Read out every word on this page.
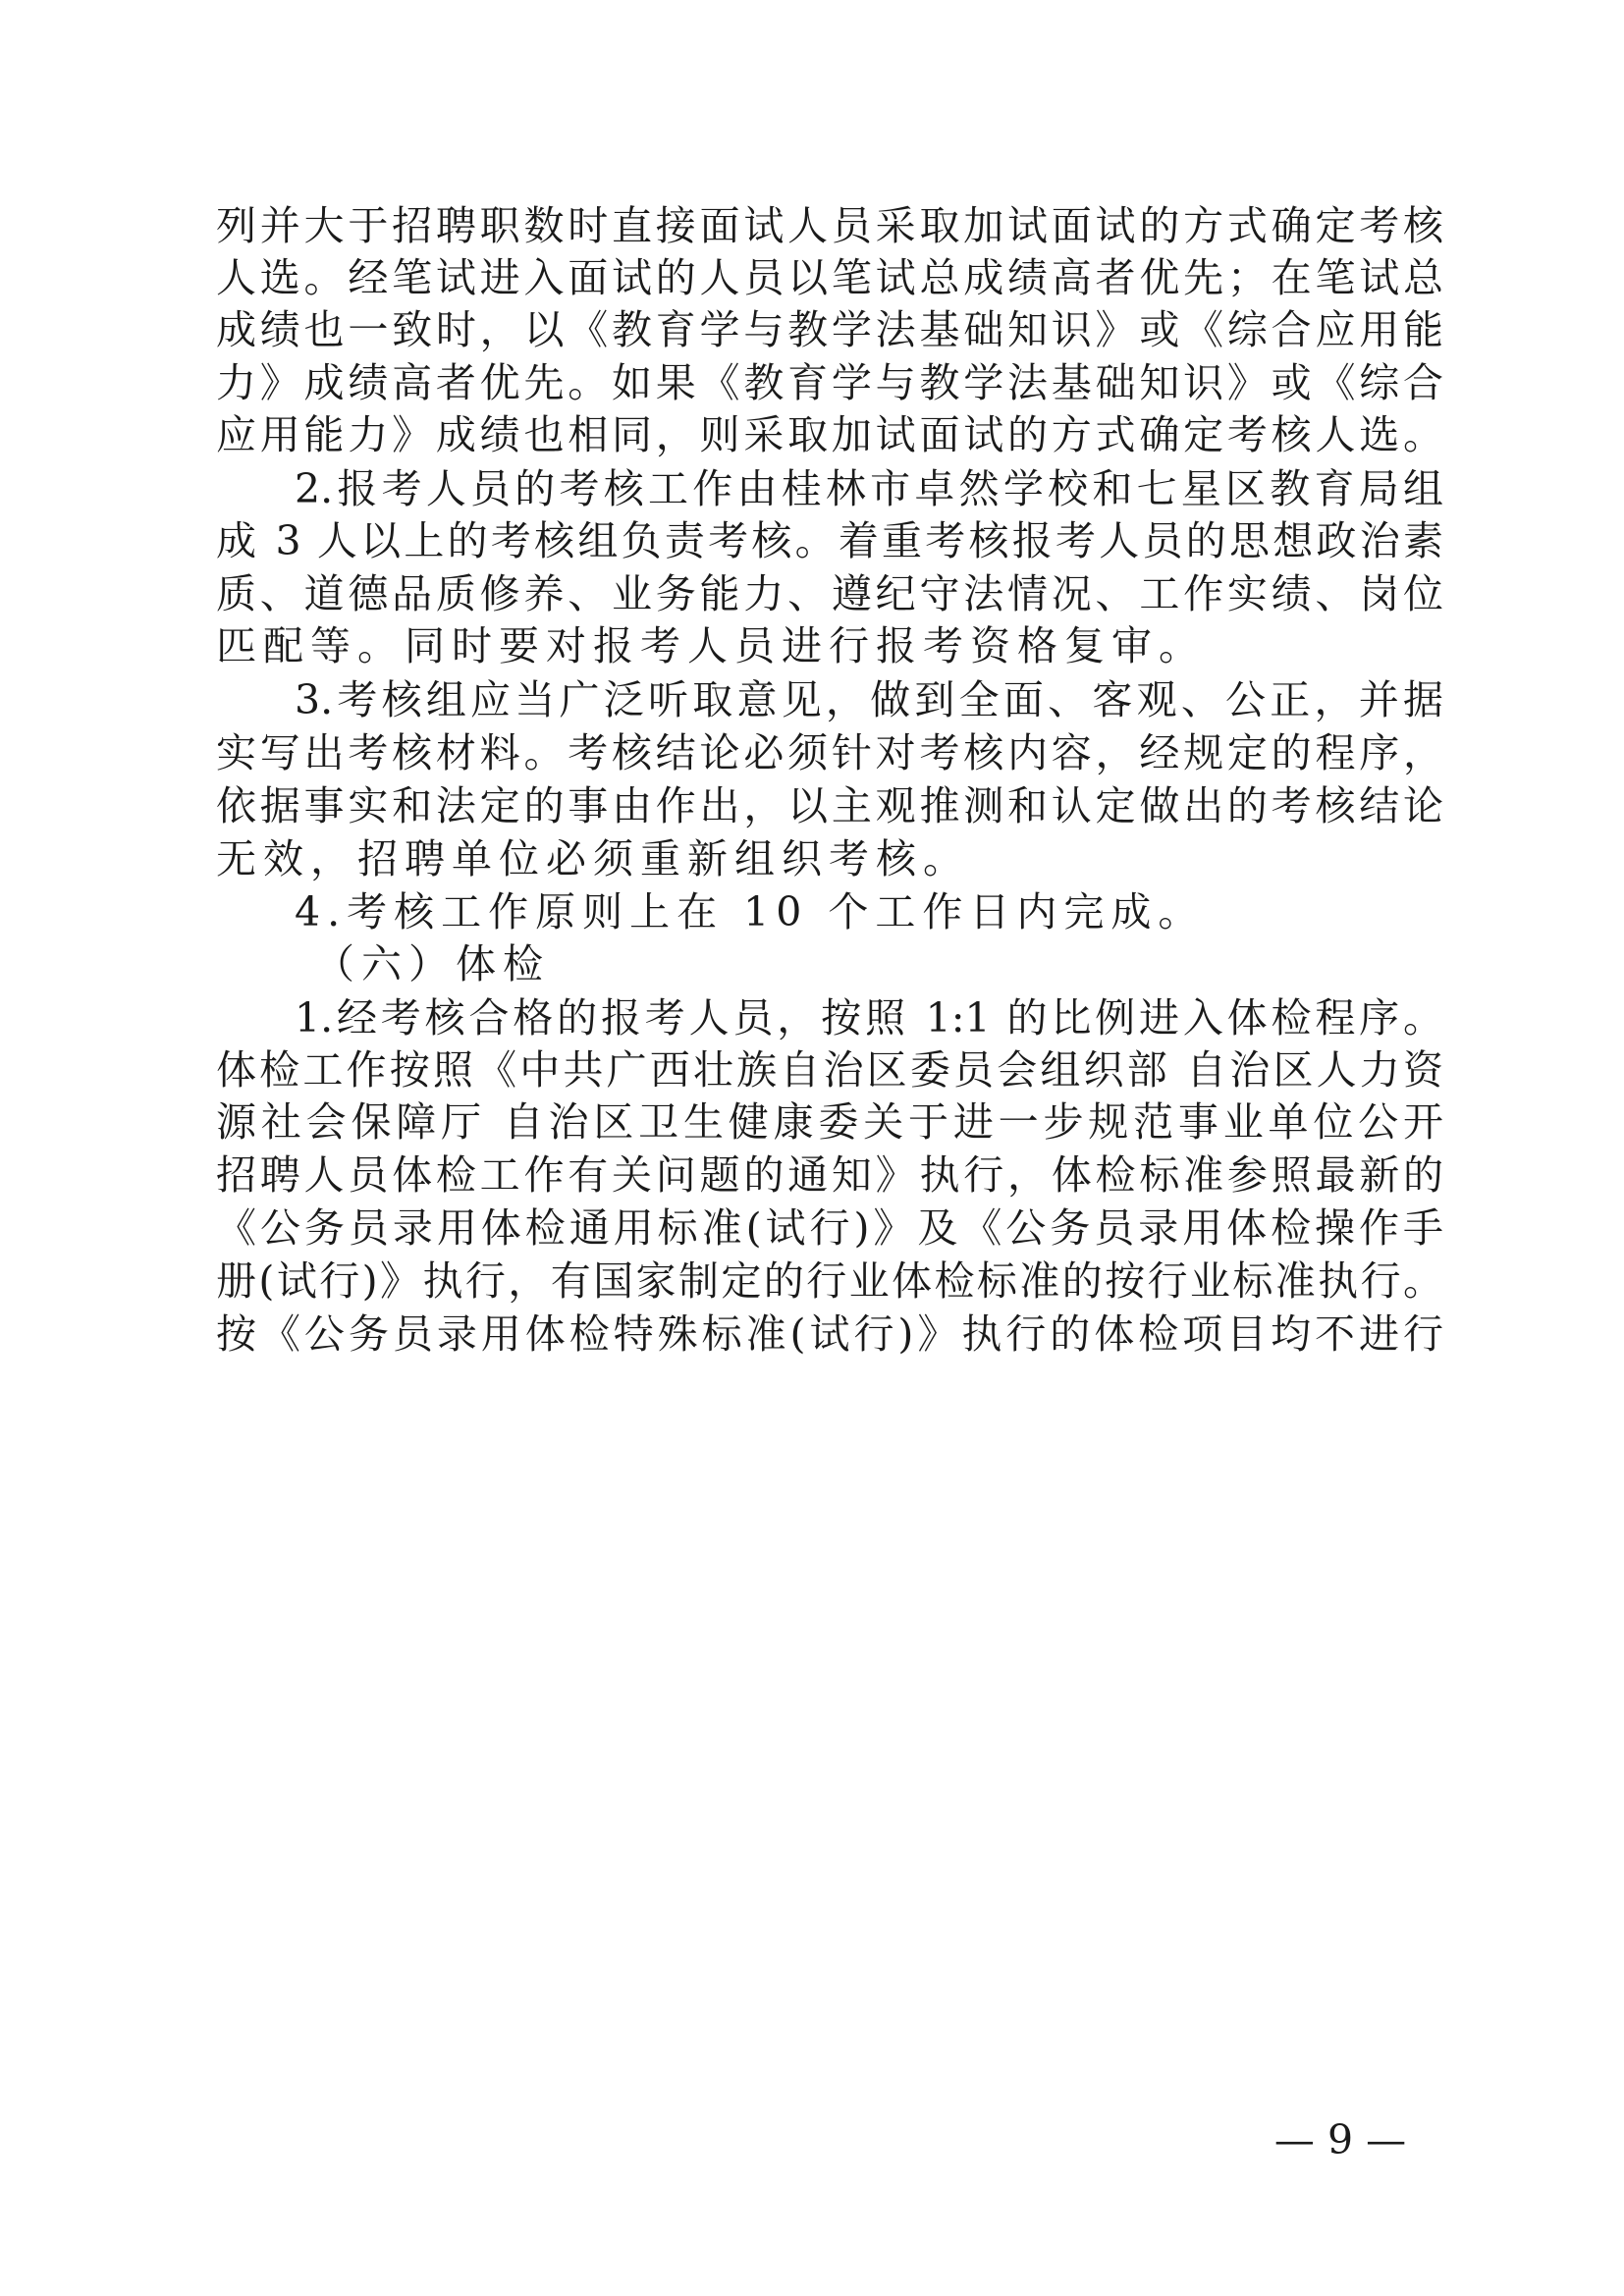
列并大于招聘职数时直接面试人员采取加试面试的方式确定考核
人选。经笔试进入面试的人员以笔试总成绩高者优先；在笔试总
成绩也一致时，以《教育学与教学法基础知识》或《综合应用能
力》成绩高者优先。如果《教育学与教学法基础知识》或《综合
应用能力》成绩也相同，则采取加试面试的方式确定考核人选。
2.报考人员的考核工作由桂林市卓然学校和七星区教育局组
成 3 人以上的考核组负责考核。着重考核报考人员的思想政治素
质、道德品质修养、业务能力、遵纪守法情况、工作实绩、岗位
匹配等。同时要对报考人员进行报考资格复审。
3.考核组应当广泛听取意见，做到全面、客观、公正，并据
实写出考核材料。考核结论必须针对考核内容，经规定的程序，
依据事实和法定的事由作出，以主观推测和认定做出的考核结论
无效，招聘单位必须重新组织考核。
4.考核工作原则上在 10 个工作日内完成。
（六）体检
1.经考核合格的报考人员，按照 1:1 的比例进入体检程序。
体检工作按照《中共广西壮族自治区委员会组织部 自治区人力资
源社会保障厅 自治区卫生健康委关于进一步规范事业单位公开
招聘人员体检工作有关问题的通知》执行，体检标准参照最新的
《公务员录用体检通用标准(试行)》及《公务员录用体检操作手
册(试行)》执行，有国家制定的行业体检标准的按行业标准执行。
按《公务员录用体检特殊标准(试行)》执行的体检项目均不进行
— 9 —
